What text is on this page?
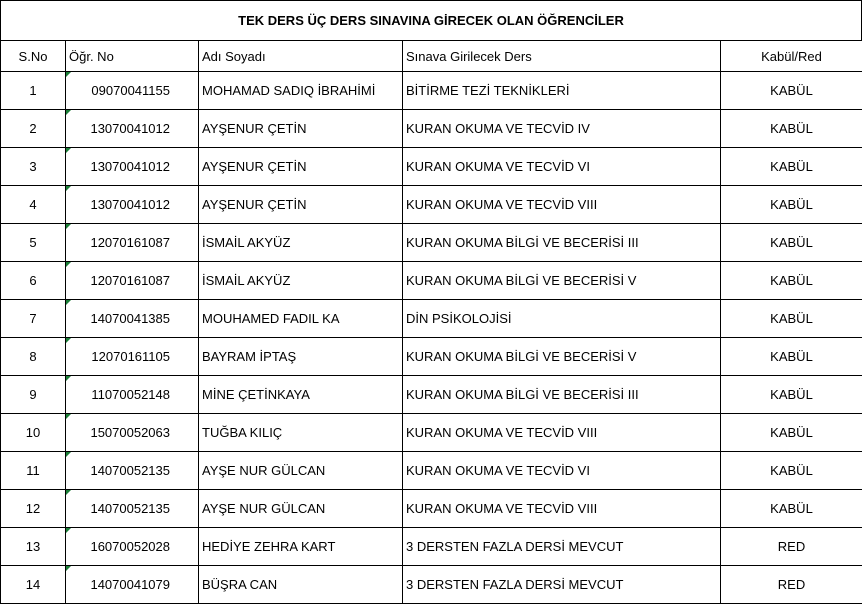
TEK DERS ÜÇ DERS SINAVINA GİRECEK OLAN ÖĞRENCİLER
S.No	Öğr. No	Adı Soyadı	Sınava Girilecek Ders	Kabül/Red
1	09070041155	MOHAMAD SADIQ İBRAHİMİ	BİTİRME TEZİ TEKNİKLERİ	KABÜL
2	13070041012	AYŞENUR ÇETİN	KURAN OKUMA VE TECVİD IV	KABÜL
3	13070041012	AYŞENUR ÇETİN	KURAN OKUMA VE TECVİD VI	KABÜL
4	13070041012	AYŞENUR ÇETİN	KURAN OKUMA VE TECVİD VIII	KABÜL
5	12070161087	İSMAİL AKYÜZ	KURAN OKUMA BİLGİ VE BECERİSİ III	KABÜL
6	12070161087	İSMAİL AKYÜZ	KURAN OKUMA BİLGİ VE BECERİSİ V	KABÜL
7	14070041385	MOUHAMED FADIL KA	DİN PSİKOLOJİSİ	KABÜL
8	12070161105	BAYRAM İPTAŞ	KURAN OKUMA BİLGİ VE BECERİSİ V	KABÜL
9	11070052148	MİNE ÇETİNKAYA	KURAN OKUMA BİLGİ VE BECERİSİ III	KABÜL
10	15070052063	TUĞBA KILIÇ	KURAN OKUMA VE TECVİD VIII	KABÜL
11	14070052135	AYŞE NUR GÜLCAN	KURAN OKUMA VE TECVİD VI	KABÜL
12	14070052135	AYŞE NUR GÜLCAN	KURAN OKUMA VE TECVİD VIII	KABÜL
13	16070052028	HEDİYE ZEHRA KART	3 DERSTEN FAZLA DERSİ MEVCUT	RED
14	14070041079	BÜŞRA CAN	3 DERSTEN FAZLA DERSİ MEVCUT	RED
